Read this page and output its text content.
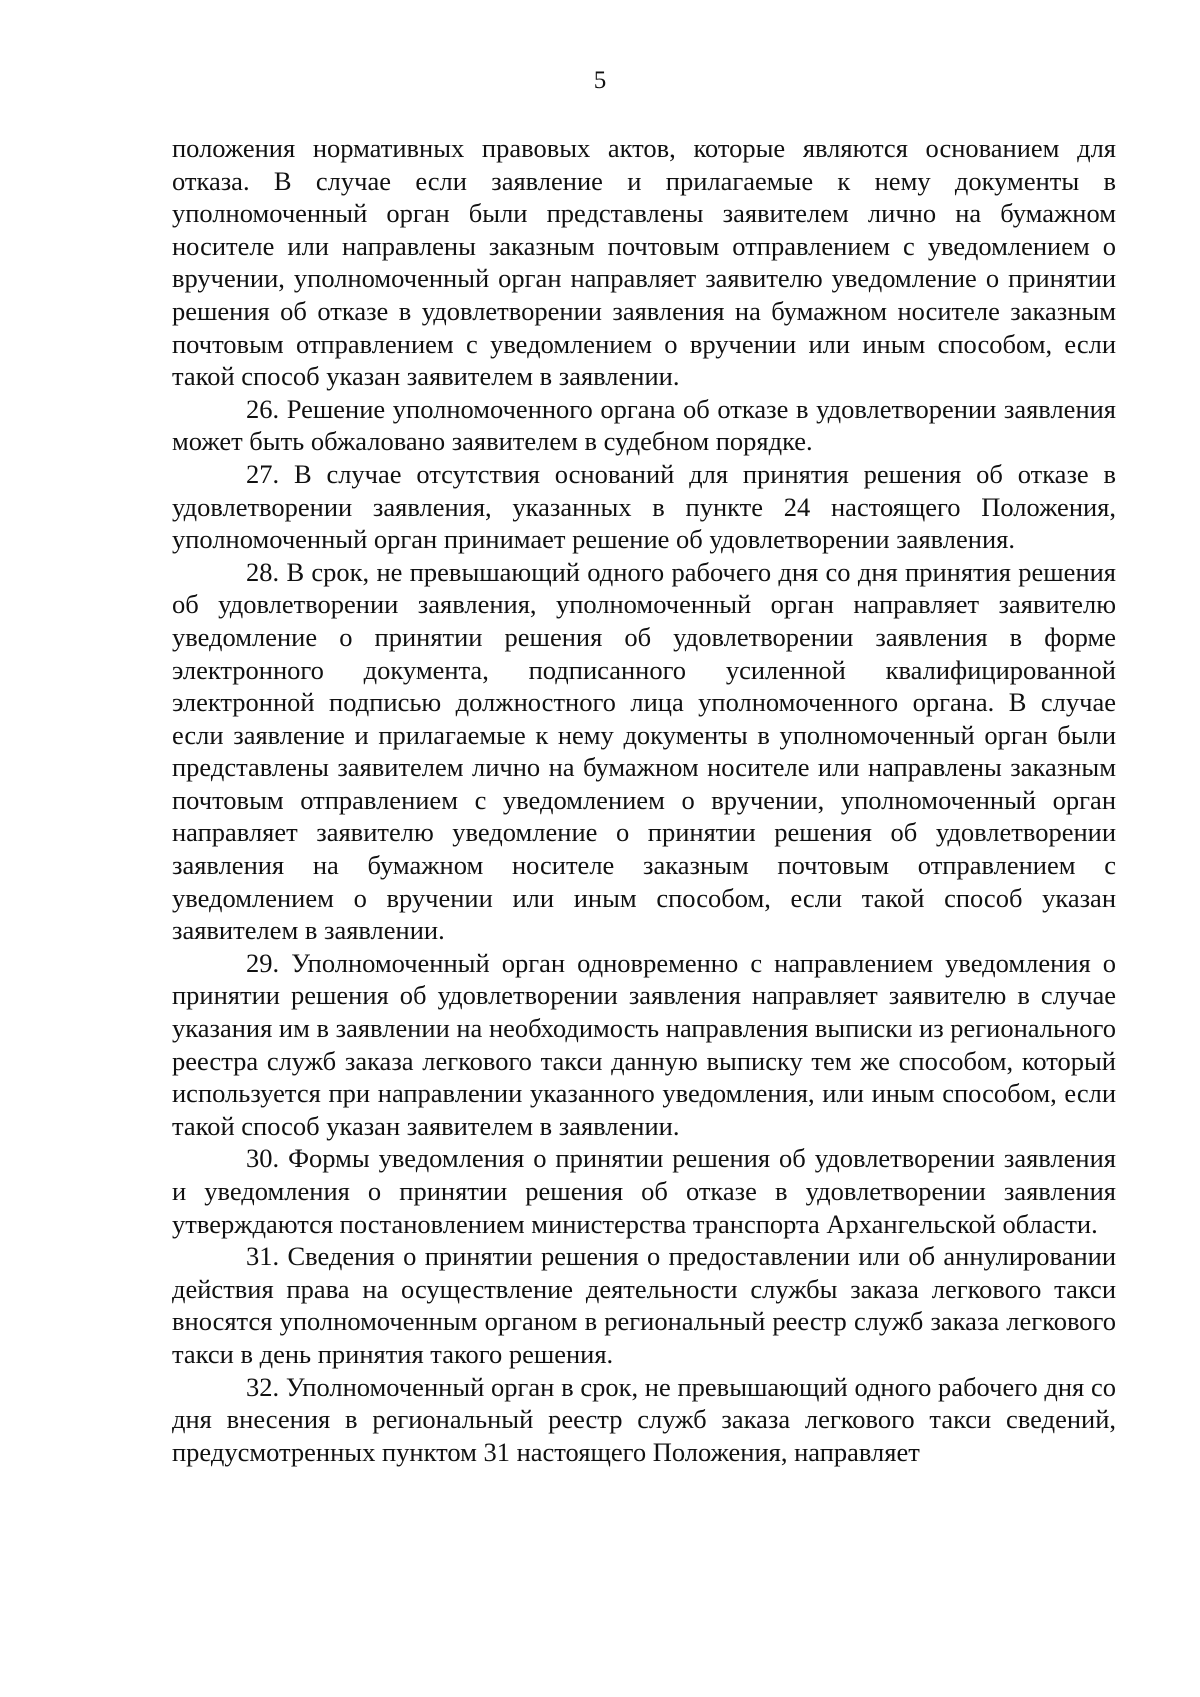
5

положения нормативных правовых актов, которые являются основанием для отказа. В случае если заявление и прилагаемые к нему документы в уполномоченный орган были представлены заявителем лично на бумажном носителе или направлены заказным почтовым отправлением с уведомлением о вручении, уполномоченный орган направляет заявителю уведомление о принятии решения об отказе в удовлетворении заявления на бумажном носителе заказным почтовым отправлением с уведомлением о вручении или иным способом, если такой способ указан заявителем в заявлении.

26. Решение уполномоченного органа об отказе в удовлетворении заявления может быть обжаловано заявителем в судебном порядке.

27. В случае отсутствия оснований для принятия решения об отказе в удовлетворении заявления, указанных в пункте 24 настоящего Положения, уполномоченный орган принимает решение об удовлетворении заявления.

28. В срок, не превышающий одного рабочего дня со дня принятия решения об удовлетворении заявления, уполномоченный орган направляет заявителю уведомление о принятии решения об удовлетворении заявления в форме электронного документа, подписанного усиленной квалифицированной электронной подписью должностного лица уполномоченного органа. В случае если заявление и прилагаемые к нему документы в уполномоченный орган были представлены заявителем лично на бумажном носителе или направлены заказным почтовым отправлением с уведомлением о вручении, уполномоченный орган направляет заявителю уведомление о принятии решения об удовлетворении заявления на бумажном носителе заказным почтовым отправлением с уведомлением о вручении или иным способом, если такой способ указан заявителем в заявлении.

29. Уполномоченный орган одновременно с направлением уведомления о принятии решения об удовлетворении заявления направляет заявителю в случае указания им в заявлении на необходимость направления выписки из регионального реестра служб заказа легкового такси данную выписку тем же способом, который используется при направлении указанного уведомления, или иным способом, если такой способ указан заявителем в заявлении.

30. Формы уведомления о принятии решения об удовлетворении заявления и уведомления о принятии решения об отказе в удовлетворении заявления утверждаются постановлением министерства транспорта Архангельской области.

31. Сведения о принятии решения о предоставлении или об аннулировании действия права на осуществление деятельности службы заказа легкового такси вносятся уполномоченным органом в региональный реестр служб заказа легкового такси в день принятия такого решения.

32. Уполномоченный орган в срок, не превышающий одного рабочего дня со дня внесения в региональный реестр служб заказа легкового такси сведений, предусмотренных пунктом 31 настоящего Положения, направляет
